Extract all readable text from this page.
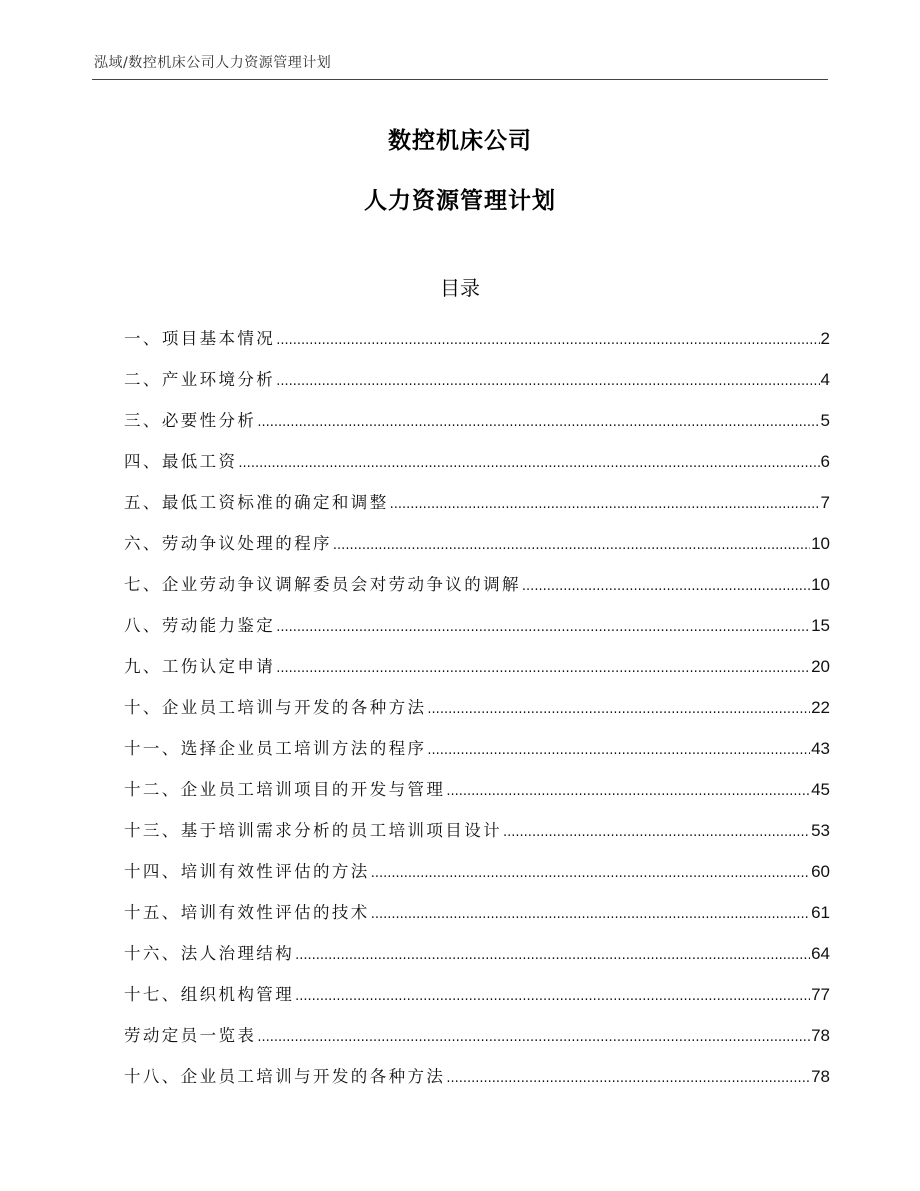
泓域/数控机床公司人力资源管理计划
数控机床公司
人力资源管理计划
目录
一、 项目基本情况 .....	2
二、 产业环境分析 .....	4
三、 必要性分析 .....	5
四、 最低工资 .....	6
五、 最低工资标准的确定和调整 .....	7
六、 劳动争议处理的程序 .....	10
七、 企业劳动争议调解委员会对劳动争议的调解 .....	10
八、 劳动能力鉴定 .....	15
九、 工伤认定申请 .....	20
十、 企业员工培训与开发的各种方法 .....	22
十一、 选择企业员工培训方法的程序 .....	43
十二、 企业员工培训项目的开发与管理 .....	45
十三、 基于培训需求分析的员工培训项目设计 .....	53
十四、 培训有效性评估的方法 .....	60
十五、 培训有效性评估的技术 .....	61
十六、 法人治理结构 .....	64
十七、 组织机构管理 .....	77
劳动定员一览表 .....	78
十八、 企业员工培训与开发的各种方法 .....	78
